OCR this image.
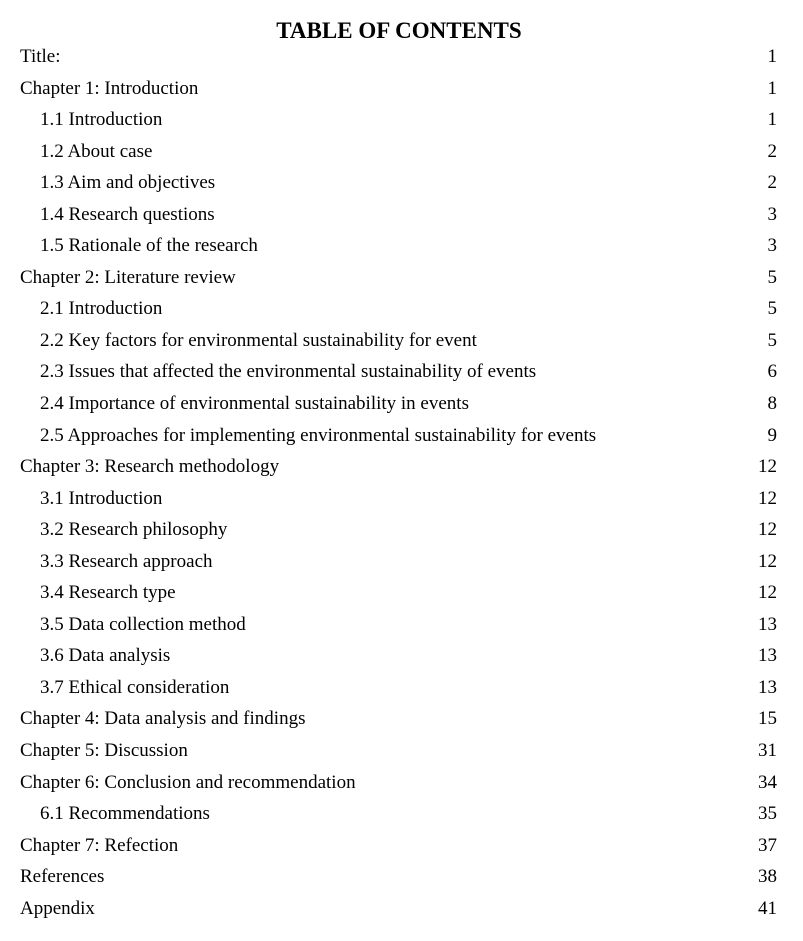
TABLE OF CONTENTS
Title:	1
Chapter 1: Introduction	1
1.1 Introduction	1
1.2 About case	2
1.3 Aim and objectives	2
1.4 Research questions	3
1.5 Rationale of the research	3
Chapter 2: Literature review	5
2.1 Introduction	5
2.2 Key factors for environmental sustainability for event	5
2.3 Issues that affected the environmental sustainability of events	6
2.4 Importance of environmental sustainability in events	8
2.5 Approaches for implementing environmental sustainability for events	9
Chapter 3: Research methodology	12
3.1 Introduction	12
3.2 Research philosophy	12
3.3 Research approach	12
3.4 Research type	12
3.5 Data collection method	13
3.6 Data analysis	13
3.7 Ethical consideration	13
Chapter 4: Data analysis and findings	15
Chapter 5: Discussion	31
Chapter 6: Conclusion and recommendation	34
6.1 Recommendations	35
Chapter 7: Refection	37
References	38
Appendix	41
